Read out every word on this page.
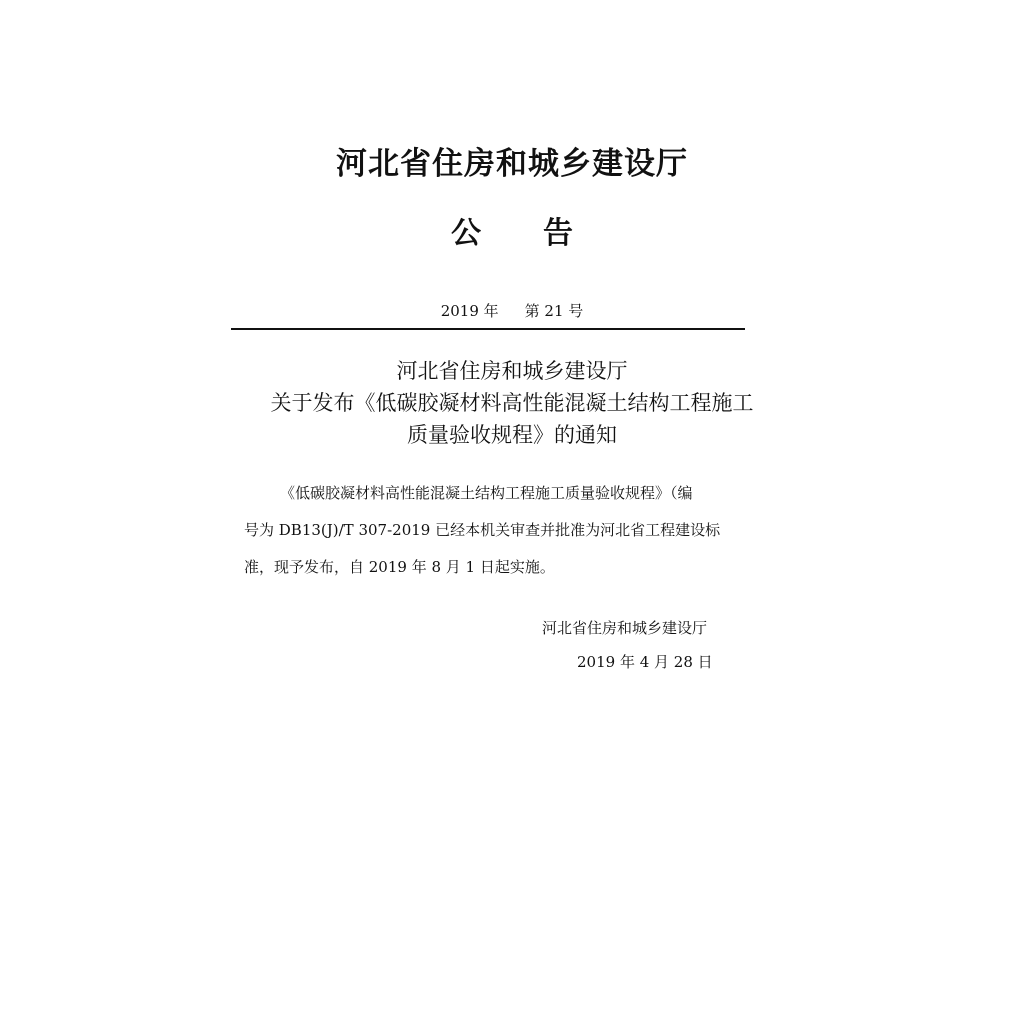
河北省住房和城乡建设厅
公 告
2019 年 第 21 号
河北省住房和城乡建设厅
关于发布《低碳胶凝材料高性能混凝土结构工程施工
质量验收规程》的通知
《低碳胶凝材料高性能混凝土结构工程施工质量验收规程》（编
号为 DB13(J)/T 307-2019 已经本机关审查并批准为河北省工程建设标
准，现予发布，自 2019 年 8 月 1 日起实施。
河北省住房和城乡建设厅
2019 年 4 月 28 日
